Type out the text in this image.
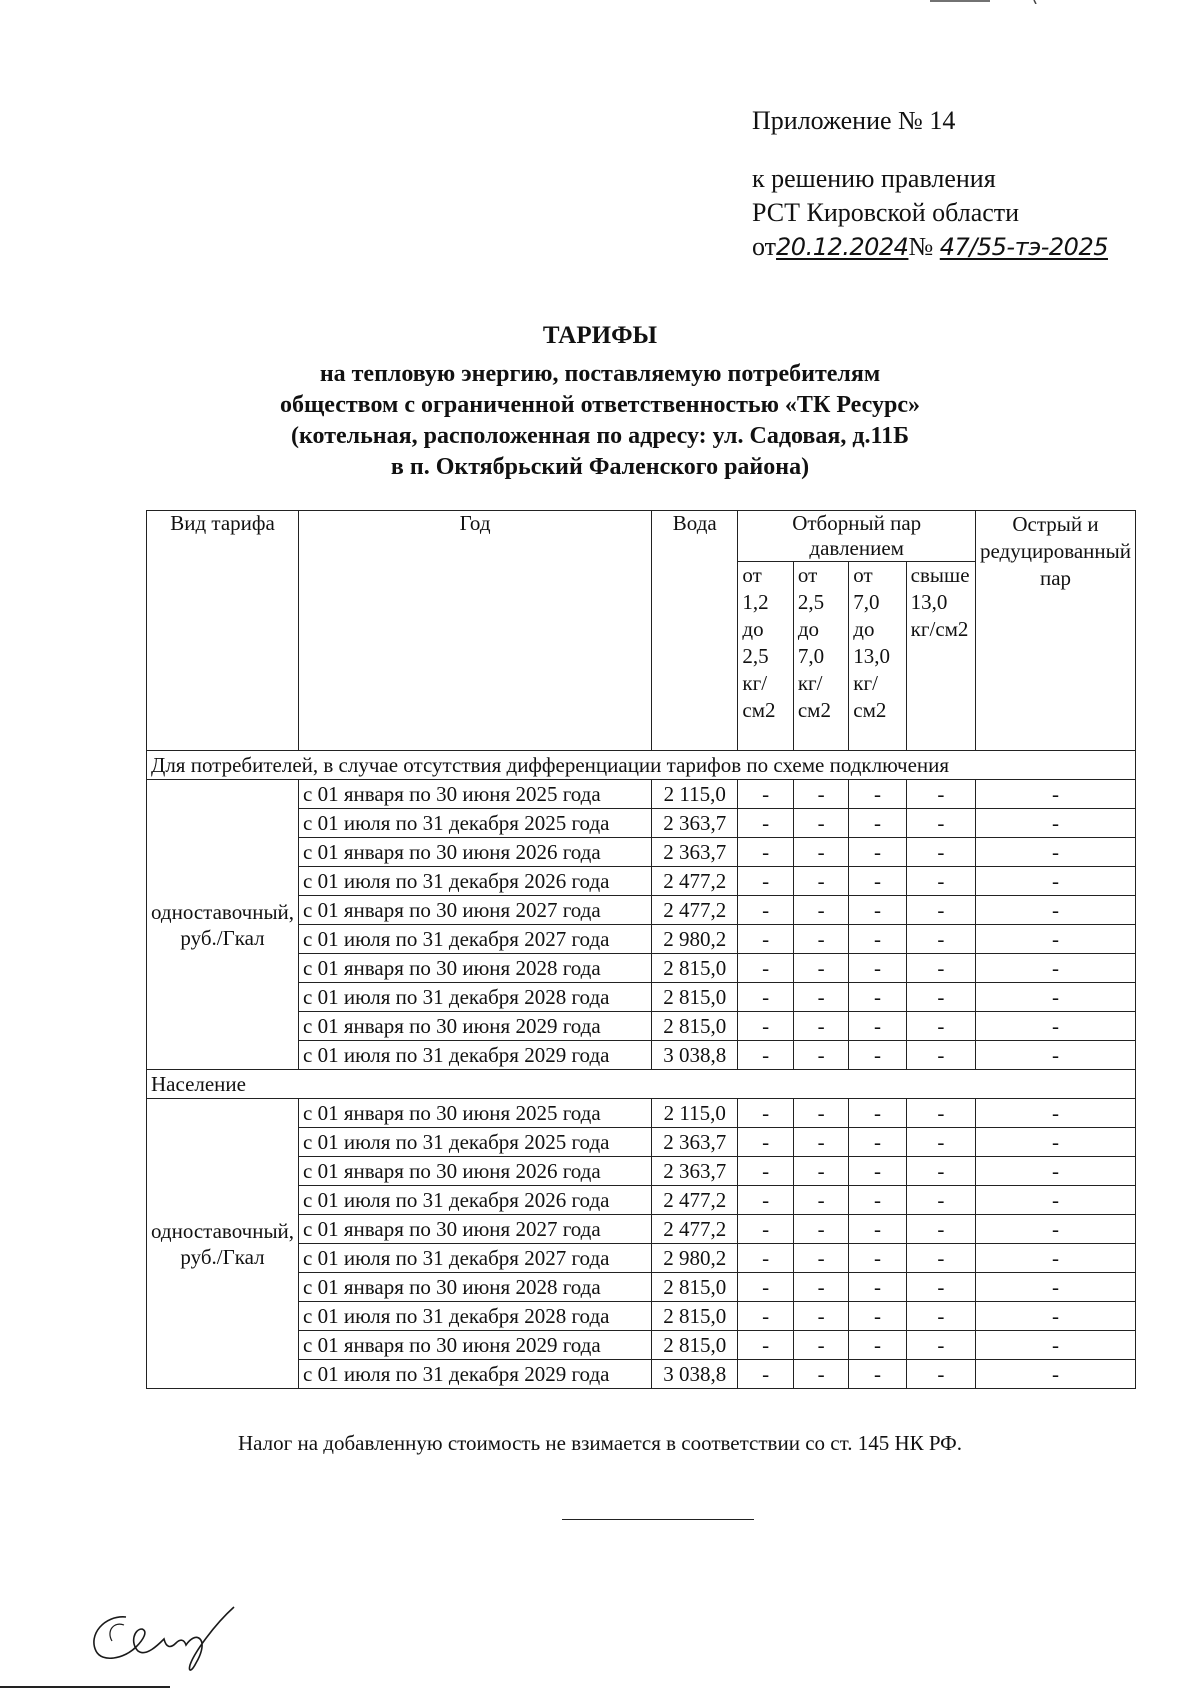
Приложение № 14
к решению правления
РСТ Кировской области
от20.12.2024№ 47/55-тэ-2025
ТАРИФЫ
на тепловую энергию, поставляемую потребителям
обществом с ограниченной ответственностью «ТК Ресурс»
(котельная, расположенная по адресу: ул. Садовая, д.11Б
в п. Октябрьский Фаленского района)
Вид тарифа	Год	Вода	Отборный пар давлением				Острый и редуцированный пар
			от 1,2 до 2,5 кг/см2	от 2,5 до 7,0 кг/см2	от 7,0 до 13,0 кг/см2	свыше 13,0 кг/см2	
Для потребителей, в случае отсутствия дифференциации тарифов по схеме подключения							
одноставочный, руб./Гкал	с 01 января по 30 июня 2025 года	2 115,0	-	-	-	-	-
	с 01 июля по 31 декабря 2025 года	2 363,7	-	-	-	-	-
	с 01 января по 30 июня 2026 года	2 363,7	-	-	-	-	-
	с 01 июля по 31 декабря 2026 года	2 477,2	-	-	-	-	-
	с 01 января по 30 июня 2027 года	2 477,2	-	-	-	-	-
	с 01 июля по 31 декабря 2027 года	2 980,2	-	-	-	-	-
	с 01 января по 30 июня 2028 года	2 815,0	-	-	-	-	-
	с 01 июля по 31 декабря 2028 года	2 815,0	-	-	-	-	-
	с 01 января по 30 июня 2029 года	2 815,0	-	-	-	-	-
	с 01 июля по 31 декабря 2029 года	3 038,8	-	-	-	-	-
Население							
одноставочный, руб./Гкал	с 01 января по 30 июня 2025 года	2 115,0	-	-	-	-	-
	с 01 июля по 31 декабря 2025 года	2 363,7	-	-	-	-	-
	с 01 января по 30 июня 2026 года	2 363,7	-	-	-	-	-
	с 01 июля по 31 декабря 2026 года	2 477,2	-	-	-	-	-
	с 01 января по 30 июня 2027 года	2 477,2	-	-	-	-	-
	с 01 июля по 31 декабря 2027 года	2 980,2	-	-	-	-	-
	с 01 января по 30 июня 2028 года	2 815,0	-	-	-	-	-
	с 01 июля по 31 декабря 2028 года	2 815,0	-	-	-	-	-
	с 01 января по 30 июня 2029 года	2 815,0	-	-	-	-	-
	с 01 июля по 31 декабря 2029 года	3 038,8	-	-	-	-	-
Налог на добавленную стоимость не взимается в соответствии со ст. 145 НК РФ.
